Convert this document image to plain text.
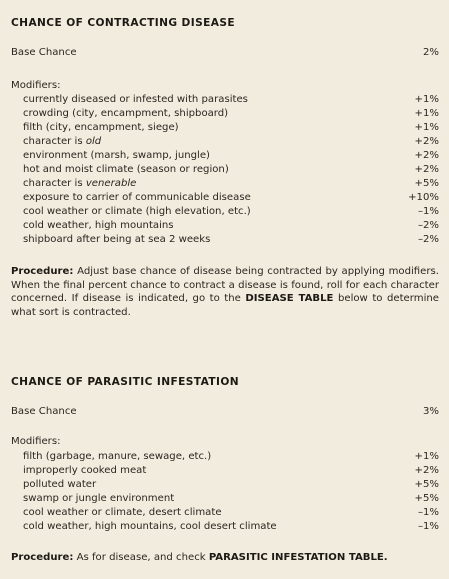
CHANCE OF CONTRACTING DISEASE
Base Chance	2%
Modifiers:
currently diseased or infested with parasites	+1%
crowding (city, encampment, shipboard)	+1%
filth (city, encampment, siege)	+1%
character is old	+2%
environment (marsh, swamp, jungle)	+2%
hot and moist climate (season or region)	+2%
character is venerable	+5%
exposure to carrier of communicable disease	+10%
cool weather or climate (high elevation, etc.)	–1%
cold weather, high mountains	–2%
shipboard after being at sea 2 weeks	–2%
Procedure: Adjust base chance of disease being contracted by applying modifiers. When the final percent chance to contract a disease is found, roll for each character concerned. If disease is indicated, go to the DISEASE TABLE below to determine what sort is contracted.
CHANCE OF PARASITIC INFESTATION
Base Chance	3%
Modifiers:
filth (garbage, manure, sewage, etc.)	+1%
improperly cooked meat	+2%
polluted water	+5%
swamp or jungle environment	+5%
cool weather or climate, desert climate	–1%
cold weather, high mountains, cool desert climate	–1%
Procedure: As for disease, and check PARASITIC INFESTATION TABLE.
